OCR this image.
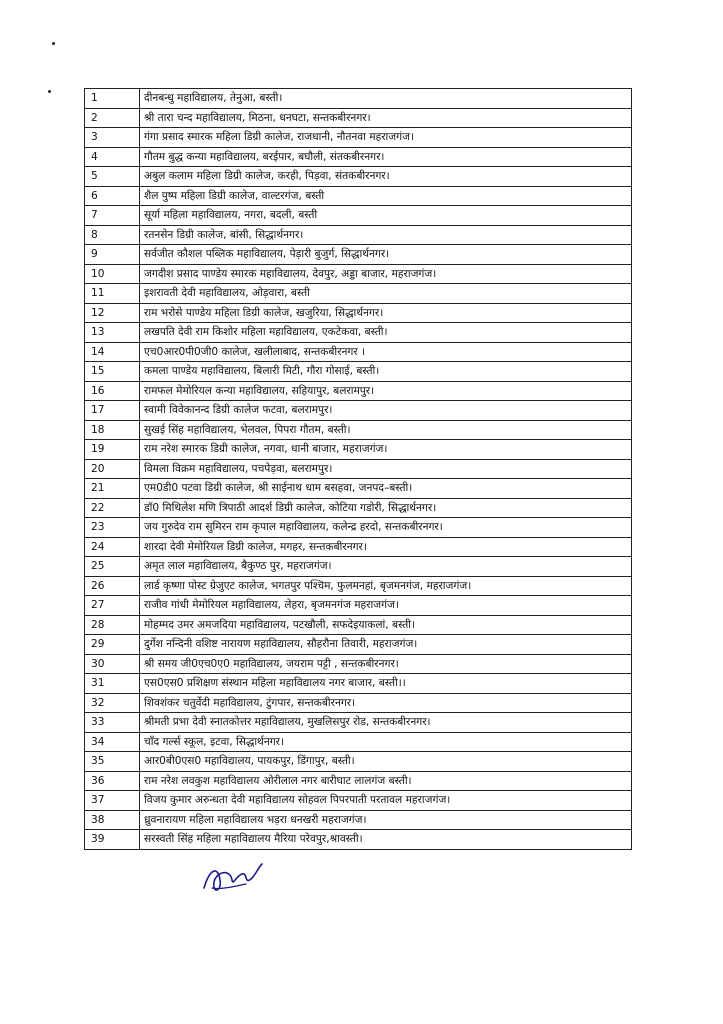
1	दीनबन्धु महाविद्यालय, तेनुआ, बस्ती।
2	श्री तारा चन्द महाविद्यालय, मिठना, धनघटा, सन्तकबीरनगर।
3	गंगा प्रसाद स्मारक महिला डिग्री कालेज, राजधानी, नौतनवा महराजगंज।
4	गौतम बुद्ध कन्या महाविद्यालय, बरईपार, बघौली, संतकबीरनगर।
5	अबुल कलाम महिला डिग्री कालेज, करही, पिड़वा, संतकबीरनगर।
6	शैल पुष्प महिला डिग्री कालेज, वाल्टरगंज, बस्ती
7	सूर्या महिला महाविद्यालय, नगरा, बदली, बस्ती
8	रतनसेन डिग्री कालेज, बांसी, सिद्धार्थनगर।
9	सर्वजीत कौशल पब्लिक महाविद्यालय, पेड़ारी बुजुर्ग, सिद्धार्थनगर।
10	जगदीश प्रसाद पाण्डेय स्मारक महाविद्यालय, देवपुर, अड्डा बाजार, महराजगंज।
11	इशरावती देवी महाविद्यालय, ओड़वारा, बस्ती
12	राम भरोसे पाण्डेय महिला डिग्री कालेज, खजुरिया, सिद्धार्थनगर।
13	लखपति देवी राम किशोर महिला महाविद्यालय, एकटेकवा, बस्ती।
14	एच0आर0पी0जी0 कालेज, खलीलाबाद, सन्तकबीरनगर ।
15	कमला पाण्डेय महाविद्यालय, बिलारी मिटी, गौरा गोसाई, बस्ती।
16	रामफल मेमोरियल कन्या महाविद्यालय, सहियापुर, बलरामपुर।
17	स्वामी विवेकानन्द डिग्री कालेज फटवा, बलरामपुर।
18	सुखई सिंह महाविद्यालय, भेलवल, पिपरा गौतम, बस्ती।
19	राम नरेश स्मारक डिग्री कालेज, नगवा, धानी बाजार, महराजगंज।
20	विमला विक्रम महाविद्यालय, पचपेड़वा, बलरामपुर।
21	एम0डी0 पटवा डिग्री कालेज, श्री साईनाथ धाम बसहवा, जनपद–बस्ती।
22	डॉ0 मिथिलेश मणि त्रिपाठी आदर्श डिग्री कालेज, कोटिया गडोरी, सिद्धार्थनगर।
23	जय गुरुदेव राम सुमिरन राम कृपाल महाविद्यालय, कलेन्द्र हरदो, सन्तकबीरनगर।
24	शारदा देवी मेमोरियल डिग्री कालेज, मगहर, सन्तकबीरनगर।
25	अमृत लाल महाविद्यालय, बैकुण्ठ पुर, महराजगंज।
26	लार्ड कृष्णा पोस्ट ग्रेजुएट कालेज, भगतपुर पश्चिम, फुलमनहां, बृजमनगंज, महराजगंज।
27	राजीव गांधी मेमोरियल महाविद्यालय, लेहरा, बृजमनगंज महराजगंज।
28	मोहम्मद उमर अमजदिया महाविद्यालय, पटखौली, सफदेइयाकलां, बस्ती।
29	दुर्गेश नन्दिनी वशिष्ट नारायण महाविद्यालय, सौहरौना तिवारी, महराजगंज।
30	श्री समय जी0एच0ए0 महाविद्यालय, जयराम पट्टी , सन्तकबीरनगर।
31	एस0एस0 प्रशिक्षण संस्थान महिला महाविद्यालय नगर बाजार, बस्ती।।
32	शिवशंकर चतुर्वेदी महाविद्यालय, टुंगपार, सन्तकबीरनगर।
33	श्रीमती प्रभा देवी स्नातकोत्तर महाविद्यालय, मुखलिसपुर रोड, सन्तकबीरनगर।
34	चाँद गर्ल्स स्कूल, इटवा, सिद्धार्थनगर।
35	आर0बी0एस0 महाविद्यालय, पायकपुर, डिंगापुर, बस्ती।
36	राम नरेश लवकुश महाविद्यालय ओरीलाल नगर बारीघाट लालगंज बस्ती।
37	विजय कुमार अरुन्धता देवी महाविद्यालय सोहवल पिपरपाती परतावल महराजगंज।
38	ध्रुवनारायण महिला महाविद्यालय भड़रा धनखरी महराजगंज।
39	सरस्वती सिंह महिला महाविद्यालय मैरिया परेवपुर,श्रावस्ती।
